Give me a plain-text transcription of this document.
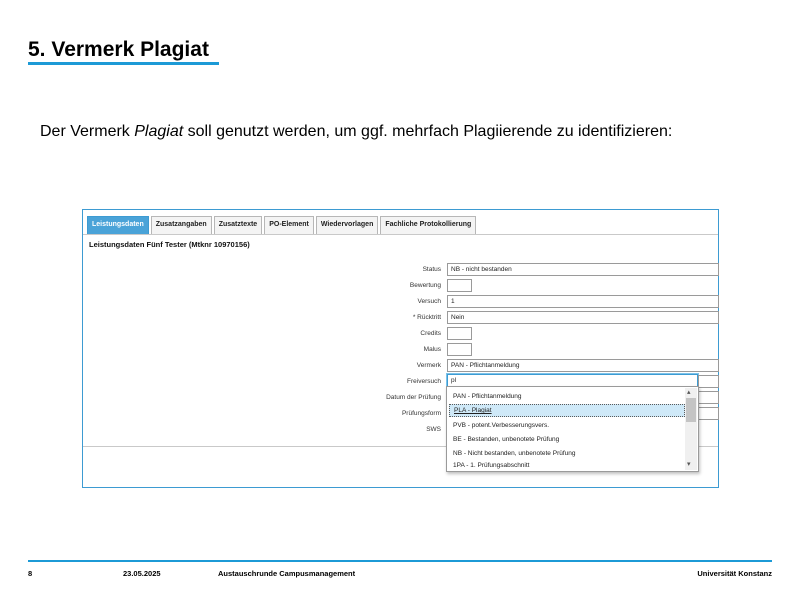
5. Vermerk Plagiat

Der Vermerk Plagiat soll genutzt werden, um ggf. mehrfach Plagiierende zu identifizieren:

Leistungsdaten	Zusatzangaben	Zusatztexte	PO-Element	Wiedervorlagen	Fachliche Protokollierung
Leistungsdaten Fünf Tester (Mtknr 10970156)
Status	NB - nicht bestanden
Bewertung
Versuch	1
* Rücktritt	Nein
Credits
Malus
Vermerk	PAN - Pflichtanmeldung
Freiversuch	pl
Datum der Prüfung
Prüfungsform
SWS
PAN - Pflichtanmeldung
PLA - Plagiat
PVB - potent.Verbesserungsvers.
BE - Bestanden, unbenotete Prüfung
NB - Nicht bestanden, unbenotete Prüfung
1PA - 1. Prüfungsabschnitt
▴
▾
8	23.05.2025	Austauschrunde Campusmanagement	Universität Konstanz
